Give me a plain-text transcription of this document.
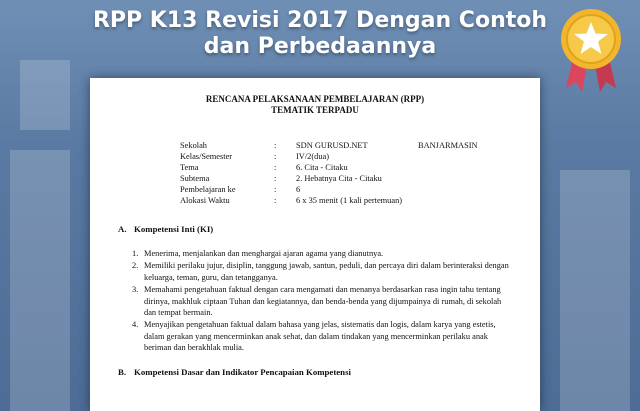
RPP K13 Revisi 2017 Dengan Contoh
dan Perbedaannya
RENCANA PELAKSANAAN PEMBELAJARAN (RPP)
TEMATIK TERPADU
Sekolah	: SDN GURUSD.NET	BANJARMASIN
Kelas/Semester	: IV/2(dua)
Tema	: 6. Cita - Citaku
Subtema	: 2. Hebatnya Cita - Citaku
Pembelajaran ke	: 6
Alokasi Waktu	: 6 x 35 menit (1 kali pertemuan)
A. Kompetensi Inti (KI)
1. Menerima, menjalankan dan menghargai ajaran agama yang dianutnya.
2. Memiliki perilaku jujur, disiplin, tanggung jawab, santun, peduli, dan percaya diri dalam berinteraksi dengan keluarga, teman, guru, dan tetangganya.
3. Memahami pengetahuan faktual dengan cara mengamati dan menanya berdasarkan rasa ingin tahu tentang dirinya, makhluk ciptaan Tuhan dan kegiatannya, dan benda-benda yang dijumpainya di rumah, di sekolah dan tempat bermain.
4. Menyajikan pengetahuan faktual dalam bahasa yang jelas, sistematis dan logis, dalam karya yang estetis, dalam gerakan yang mencerminkan anak sehat, dan dalam tindakan yang mencerminkan perilaku anak beriman dan berakhlak mulia.
B. Kompetensi Dasar dan Indikator Pencapaian Kompetensi
